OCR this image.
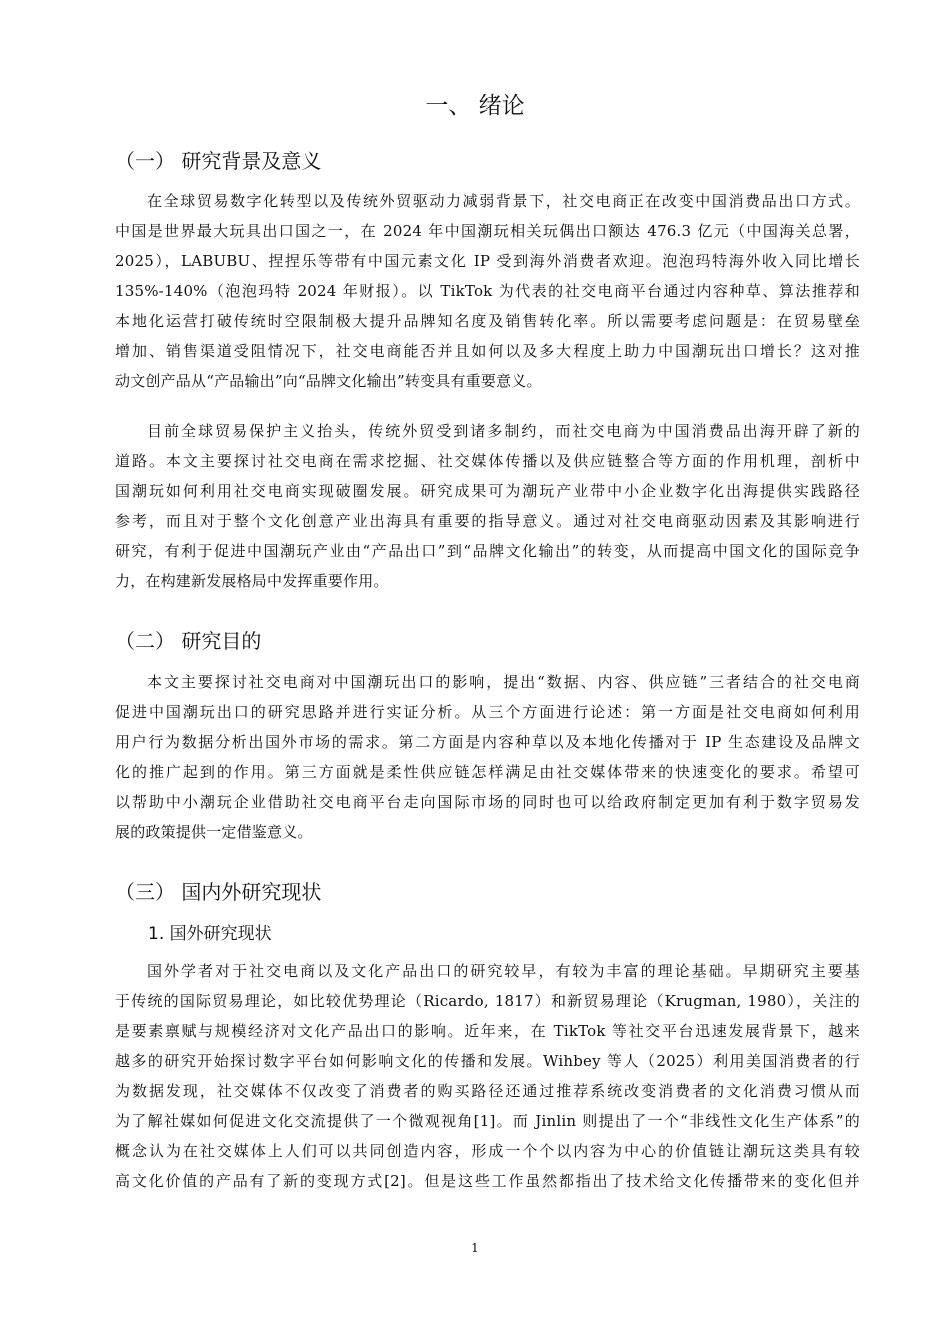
一、 绪论
（一） 研究背景及意义
在全球贸易数字化转型以及传统外贸驱动力减弱背景下，社交电商正在改变中国消费品出口方式。
中国是世界最大玩具出口国之一，在 2024 年中国潮玩相关玩偶出口额达 476.3 亿元（中国海关总署，
2025），LABUBU、捏捏乐等带有中国元素文化 IP 受到海外消费者欢迎。泡泡玛特海外收入同比增长
135%-140%（泡泡玛特 2024 年财报）。以 TikTok 为代表的社交电商平台通过内容种草、算法推荐和
本地化运营打破传统时空限制极大提升品牌知名度及销售转化率。所以需要考虑问题是：在贸易壁垒
增加、销售渠道受阻情况下，社交电商能否并且如何以及多大程度上助力中国潮玩出口增长？这对推
动文创产品从“产品输出”向“品牌文化输出”转变具有重要意义。
目前全球贸易保护主义抬头，传统外贸受到诸多制约，而社交电商为中国消费品出海开辟了新的
道路。本文主要探讨社交电商在需求挖掘、社交媒体传播以及供应链整合等方面的作用机理，剖析中
国潮玩如何利用社交电商实现破圈发展。研究成果可为潮玩产业带中小企业数字化出海提供实践路径
参考，而且对于整个文化创意产业出海具有重要的指导意义。通过对社交电商驱动因素及其影响进行
研究，有利于促进中国潮玩产业由“产品出口”到“品牌文化输出”的转变，从而提高中国文化的国际竞争
力，在构建新发展格局中发挥重要作用。
（二） 研究目的
本文主要探讨社交电商对中国潮玩出口的影响，提出“数据、内容、供应链”三者结合的社交电商
促进中国潮玩出口的研究思路并进行实证分析。从三个方面进行论述：第一方面是社交电商如何利用
用户行为数据分析出国外市场的需求。第二方面是内容种草以及本地化传播对于 IP 生态建设及品牌文
化的推广起到的作用。第三方面就是柔性供应链怎样满足由社交媒体带来的快速变化的要求。希望可
以帮助中小潮玩企业借助社交电商平台走向国际市场的同时也可以给政府制定更加有利于数字贸易发
展的政策提供一定借鉴意义。
（三） 国内外研究现状
1. 国外研究现状
国外学者对于社交电商以及文化产品出口的研究较早，有较为丰富的理论基础。早期研究主要基
于传统的国际贸易理论，如比较优势理论（Ricardo, 1817）和新贸易理论（Krugman, 1980），关注的
是要素禀赋与规模经济对文化产品出口的影响。近年来，在 TikTok 等社交平台迅速发展背景下，越来
越多的研究开始探讨数字平台如何影响文化的传播和发展。Wihbey 等人（2025）利用美国消费者的行
为数据发现，社交媒体不仅改变了消费者的购买路径还通过推荐系统改变消费者的文化消费习惯从而
为了解社媒如何促进文化交流提供了一个微观视角[1]。而 Jinlin 则提出了一个“非线性文化生产体系”的
概念认为在社交媒体上人们可以共同创造内容，形成一个个以内容为中心的价值链让潮玩这类具有较
高文化价值的产品有了新的变现方式[2]。但是这些工作虽然都指出了技术给文化传播带来的变化但并
1
